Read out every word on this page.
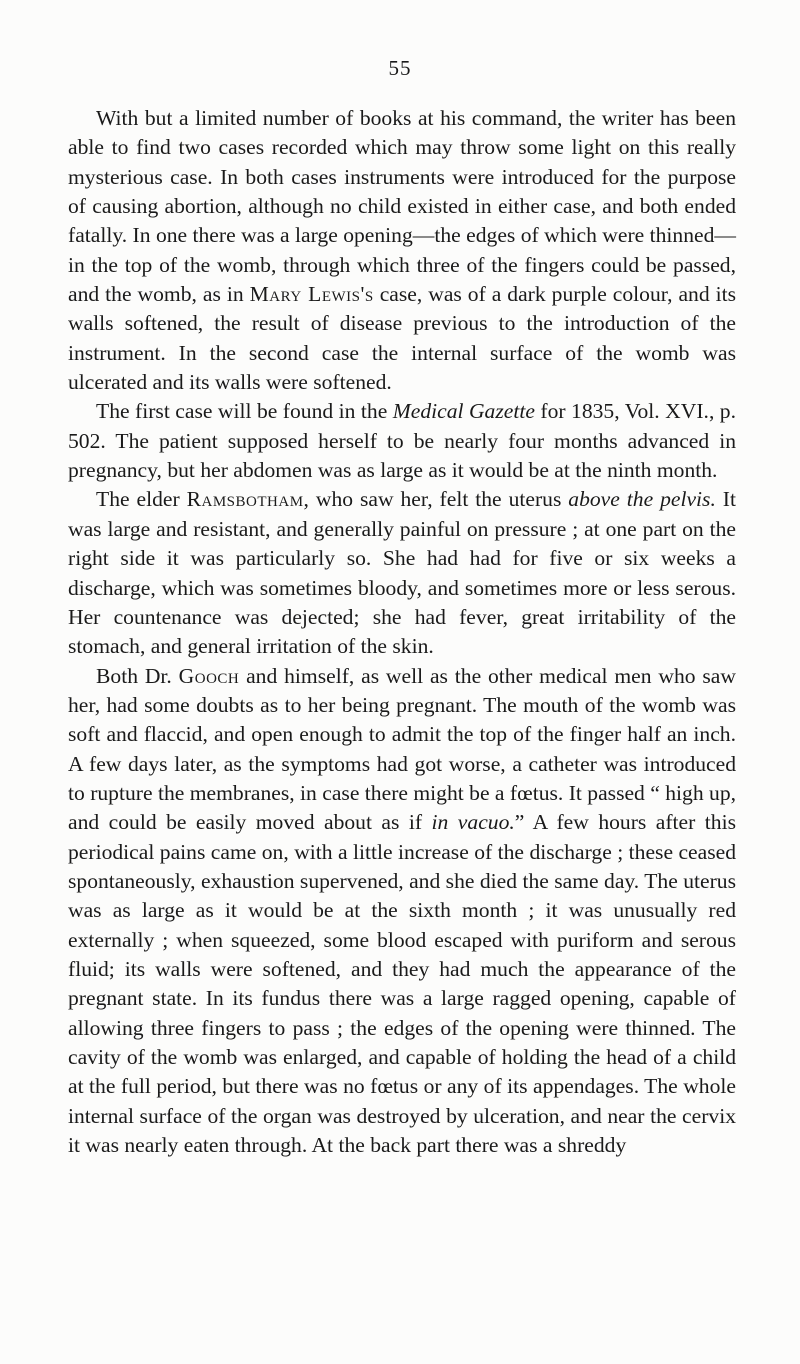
55

With but a limited number of books at his command, the writer has been able to find two cases recorded which may throw some light on this really mysterious case. In both cases instruments were introduced for the purpose of causing abortion, although no child existed in either case, and both ended fatally. In one there was a large opening—the edges of which were thinned—in the top of the womb, through which three of the fingers could be passed, and the womb, as in Mary Lewis's case, was of a dark purple colour, and its walls softened, the result of disease previous to the introduction of the instrument. In the second case the internal surface of the womb was ulcerated and its walls were softened.

The first case will be found in the Medical Gazette for 1835, Vol. XVI., p. 502. The patient supposed herself to be nearly four months advanced in pregnancy, but her abdomen was as large as it would be at the ninth month.

The elder Ramsbotham, who saw her, felt the uterus above the pelvis. It was large and resistant, and generally painful on pressure ; at one part on the right side it was particularly so. She had had for five or six weeks a discharge, which was sometimes bloody, and sometimes more or less serous. Her countenance was dejected; she had fever, great irritability of the stomach, and general irritation of the skin.

Both Dr. Gooch and himself, as well as the other medical men who saw her, had some doubts as to her being pregnant. The mouth of the womb was soft and flaccid, and open enough to admit the top of the finger half an inch. A few days later, as the symptoms had got worse, a catheter was introduced to rupture the membranes, in case there might be a fœtus. It passed “ high up, and could be easily moved about as if in vacuo.” A few hours after this periodical pains came on, with a little increase of the discharge ; these ceased spontaneously, exhaustion supervened, and she died the same day. The uterus was as large as it would be at the sixth month ; it was unusually red externally ; when squeezed, some blood escaped with puriform and serous fluid; its walls were softened, and they had much the appearance of the pregnant state. In its fundus there was a large ragged opening, capable of allowing three fingers to pass ; the edges of the opening were thinned. The cavity of the womb was enlarged, and capable of holding the head of a child at the full period, but there was no fœtus or any of its appendages. The whole internal surface of the organ was destroyed by ulceration, and near the cervix it was nearly eaten through. At the back part there was a shreddy
